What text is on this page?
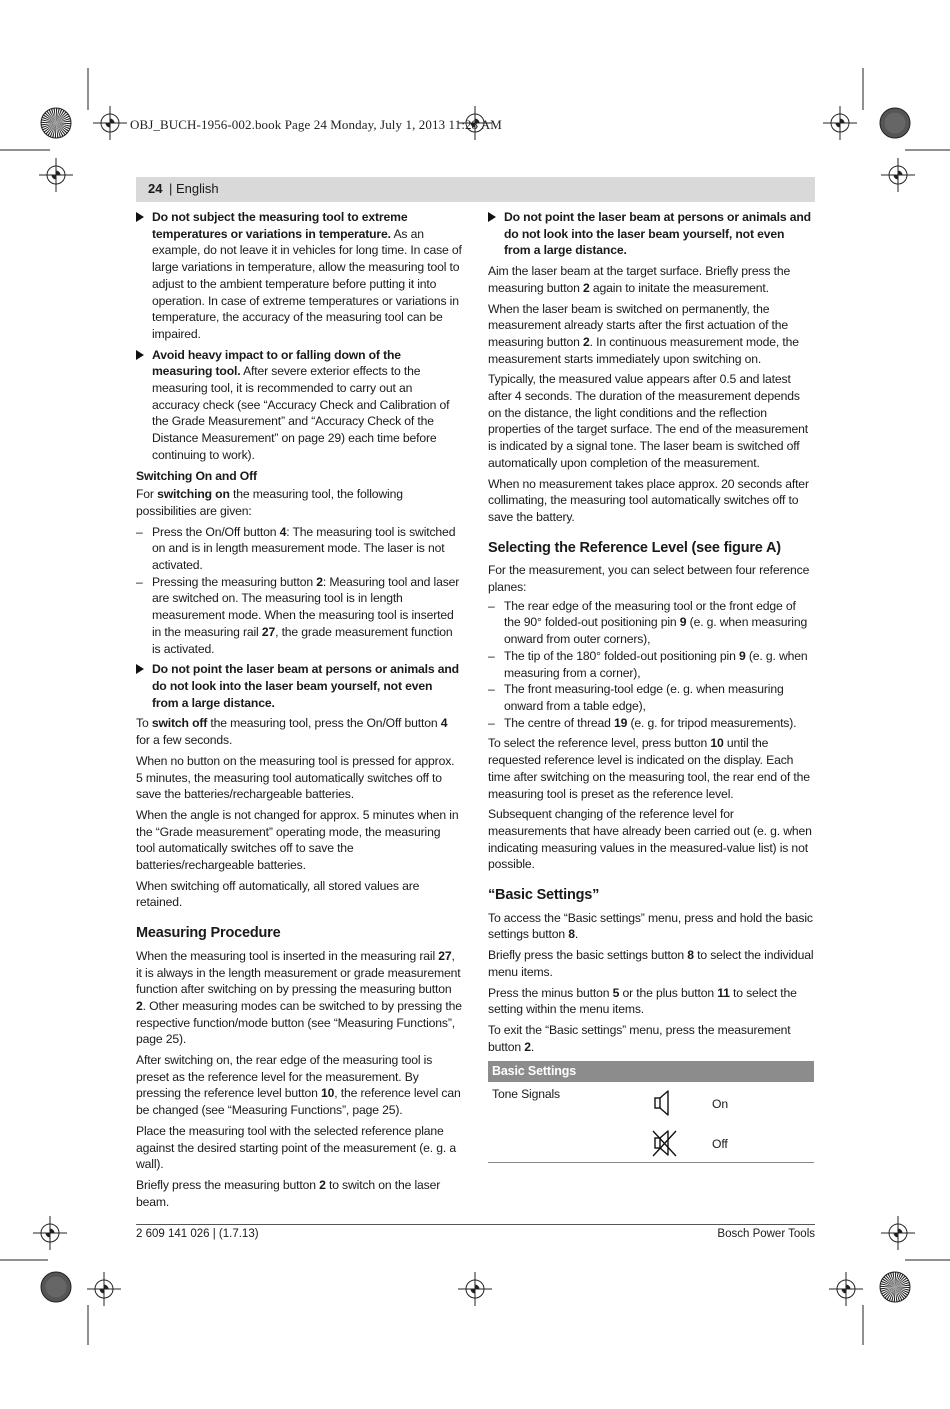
OBJ_BUCH-1956-002.book Page 24 Monday, July 1, 2013 11:28 AM
24 | English
Do not subject the measuring tool to extreme temperatures or variations in temperature. As an example, do not leave it in vehicles for long time. In case of large variations in temperature, allow the measuring tool to adjust to the ambient temperature before putting it into operation. In case of extreme temperatures or variations in temperature, the accuracy of the measuring tool can be impaired.
Avoid heavy impact to or falling down of the measuring tool. After severe exterior effects to the measuring tool, it is recommended to carry out an accuracy check (see “Accuracy Check and Calibration of the Grade Measurement” and “Accuracy Check of the Distance Measurement” on page 29) each time before continuing to work).
Switching On and Off

For switching on the measuring tool, the following possibilities are given:

– Press the On/Off button 4: The measuring tool is switched on and is in length measurement mode. The laser is not activated.
– Pressing the measuring button 2: Measuring tool and laser are switched on. The measuring tool is in length measurement mode. When the measuring tool is inserted in the measuring rail 27, the grade measurement function is activated.
Do not point the laser beam at persons or animals and do not look into the laser beam yourself, not even from a large distance.

To switch off the measuring tool, press the On/Off button 4 for a few seconds.

When no button on the measuring tool is pressed for approx. 5 minutes, the measuring tool automatically switches off to save the batteries/rechargeable batteries.

When the angle is not changed for approx. 5 minutes when in the “Grade measurement” operating mode, the measuring tool automatically switches off to save the batteries/rechargeable batteries.

When switching off automatically, all stored values are retained.

Measuring Procedure

When the measuring tool is inserted in the measuring rail 27, it is always in the length measurement or grade measurement function after switching on by pressing the measuring button 2. Other measuring modes can be switched to by pressing the respective function/mode button (see “Measuring Functions”, page 25).

After switching on, the rear edge of the measuring tool is preset as the reference level for the measurement. By pressing the reference level button 10, the reference level can be changed (see “Measuring Functions”, page 25).

Place the measuring tool with the selected reference plane against the desired starting point of the measurement (e. g. a wall).

Briefly press the measuring button 2 to switch on the laser beam.

Do not point the laser beam at persons or animals and do not look into the laser beam yourself, not even from a large distance.

Aim the laser beam at the target surface. Briefly press the measuring button 2 again to initate the measurement.

When the laser beam is switched on permanently, the measurement already starts after the first actuation of the measuring button 2. In continuous measurement mode, the measurement starts immediately upon switching on.

Typically, the measured value appears after 0.5 and latest after 4 seconds. The duration of the measurement depends on the distance, the light conditions and the reflection properties of the target surface. The end of the measurement is indicated by a signal tone. The laser beam is switched off automatically upon completion of the measurement.

When no measurement takes place approx. 20 seconds after collimating, the measuring tool automatically switches off to save the battery.

Selecting the Reference Level (see figure A)

For the measurement, you can select between four reference planes:

– The rear edge of the measuring tool or the front edge of the 90° folded-out positioning pin 9 (e. g. when measuring onward from outer corners),
– The tip of the 180° folded-out positioning pin 9 (e. g. when measuring from a corner),
– The front measuring-tool edge (e. g. when measuring onward from a table edge),
– The centre of thread 19 (e. g. for tripod measurements).

To select the reference level, press button 10 until the requested reference level is indicated on the display. Each time after switching on the measuring tool, the rear end of the measuring tool is preset as the reference level.

Subsequent changing of the reference level for measurements that have already been carried out (e. g. when indicating measuring values in the measured-value list) is not possible.

“Basic Settings”

To access the “Basic settings” menu, press and hold the basic settings button 8.

Briefly press the basic settings button 8 to select the individual menu items.

Press the minus button 5 or the plus button 11 to select the setting within the menu items.

To exit the “Basic settings” menu, press the measurement button 2.

Basic Settings
Tone Signals
On
Off
2 609 141 026 | (1.7.13)	Bosch Power Tools
